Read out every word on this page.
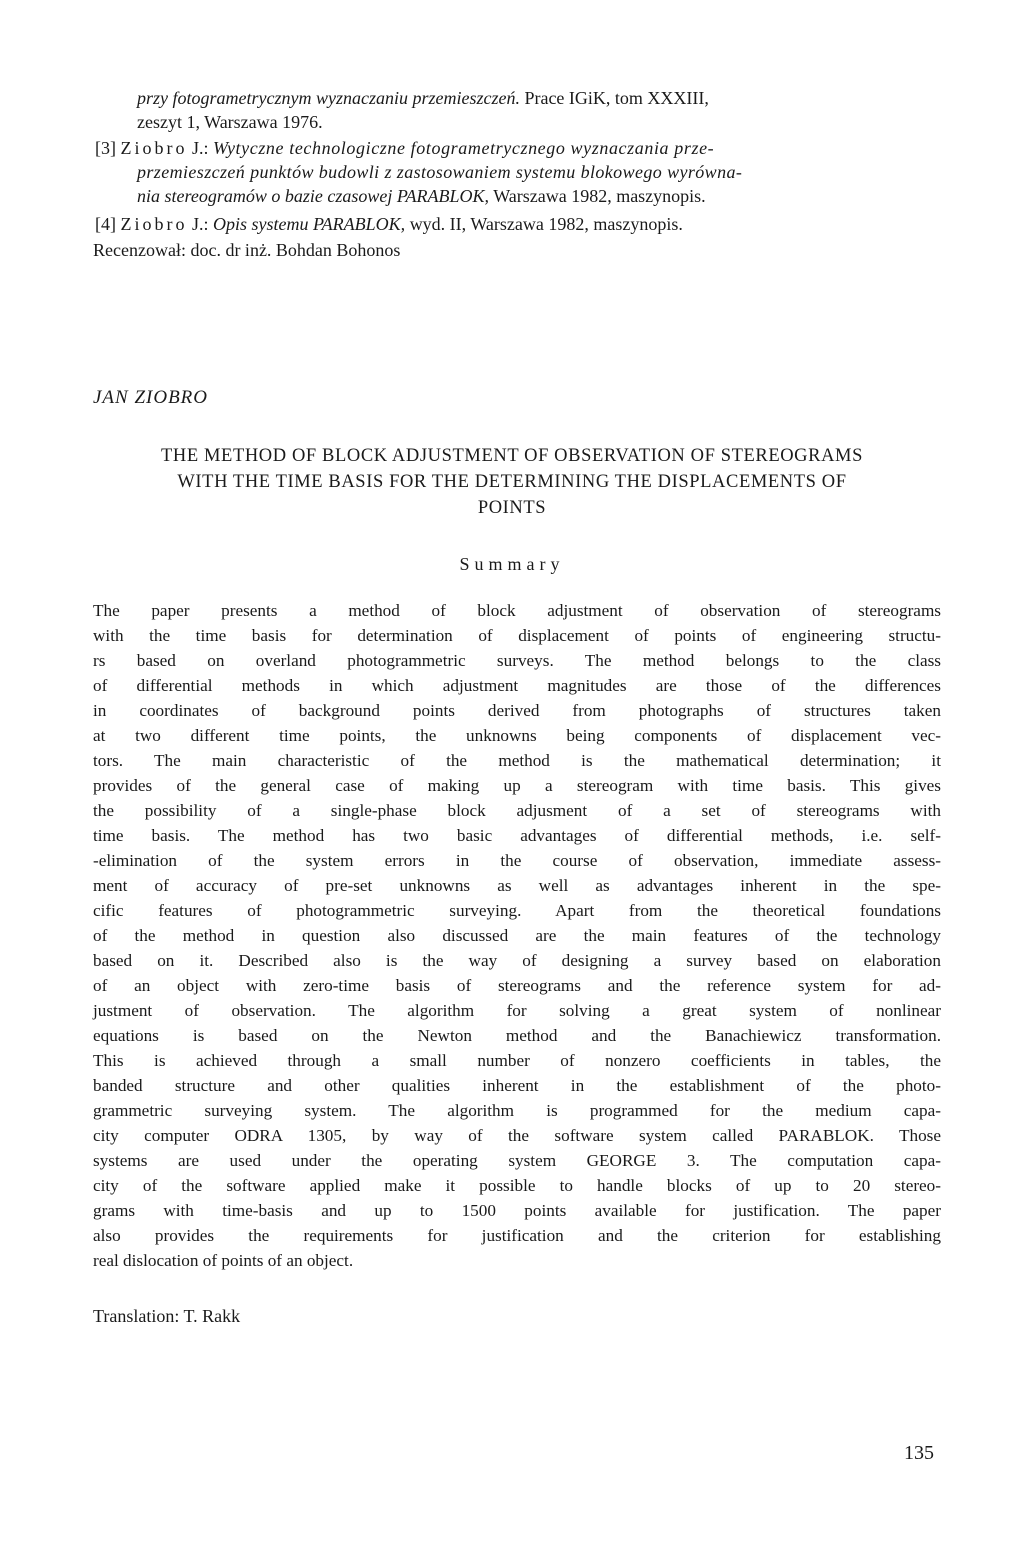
przy fotogrametrycznym wyznaczaniu przemieszczeń. Prace IGiK, tom XXXIII,
zeszyt 1, Warszawa 1976.
[3] Ziobro J.: Wytyczne technologiczne fotogrametrycznego wyznaczania prze-
przemieszczeń punktów budowli z zastosowaniem systemu blokowego wyrówna-
nia stereogramów o bazie czasowej PARABLOK, Warszawa 1982, maszynopis.
[4] Ziobro J.: Opis systemu PARABLOK, wyd. II, Warszawa 1982, maszynopis.
Recenzował: doc. dr inż. Bohdan Bohonos
JAN ZIOBRO
THE METHOD OF BLOCK ADJUSTMENT OF OBSERVATION OF STEREOGRAMS
WITH THE TIME BASIS FOR THE DETERMINING THE DISPLACEMENTS OF
POINTS
Summary
The paper presents a method of block adjustment of observation of stereograms
with the time basis for determination of displacement of points of engineering structu-
rs based on overland photogrammetric surveys. The method belongs to the class
of differential methods in which adjustment magnitudes are those of the differences
in coordinates of background points derived from photographs of structures taken
at two different time points, the unknowns being components of displacement vec-
tors. The main characteristic of the method is the mathematical determination; it
provides of the general case of making up a stereogram with time basis. This gives
the possibility of a single-phase block adjusment of a set of stereograms with
time basis. The method has two basic advantages of differential methods, i.e. self-
-elimination of the system errors in the course of observation, immediate assess-
ment of accuracy of pre-set unknowns as well as advantages inherent in the spe-
cific features of photogrammetric surveying. Apart from the theoretical foundations
of the method in question also discussed are the main features of the technology
based on it. Described also is the way of designing a survey based on elaboration
of an object with zero-time basis of stereograms and the reference system for ad-
justment of observation. The algorithm for solving a great system of nonlinear
equations is based on the Newton method and the Banachiewicz transformation.
This is achieved through a small number of nonzero coefficients in tables, the
banded structure and other qualities inherent in the establishment of the photo-
grammetric surveying system. The algorithm is programmed for the medium capa-
city computer ODRA 1305, by way of the software system called PARABLOK. Those
systems are used under the operating system GEORGE 3. The computation capa-
city of the software applied make it possible to handle blocks of up to 20 stereo-
grams with time-basis and up to 1500 points available for justification. The paper
also provides the requirements for justification and the criterion for establishing
real dislocation of points of an object.
Translation: T. Rakk
135
